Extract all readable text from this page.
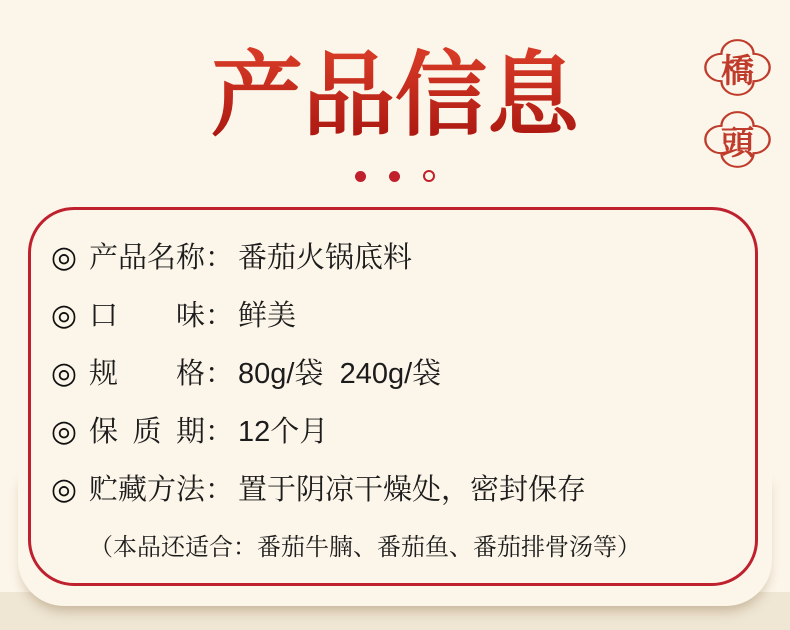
产品信息	橋
頭
◎ 产品名称 ： 番茄火锅底料
◎ 口味 ： 鲜美
◎ 规格 ： 80g/袋  240g/袋
◎ 保质期 ： 12个月
◎ 贮藏方法 ： 置于阴凉干燥处，密封保存
（本品还适合：番茄牛腩、番茄鱼、番茄排骨汤等）
